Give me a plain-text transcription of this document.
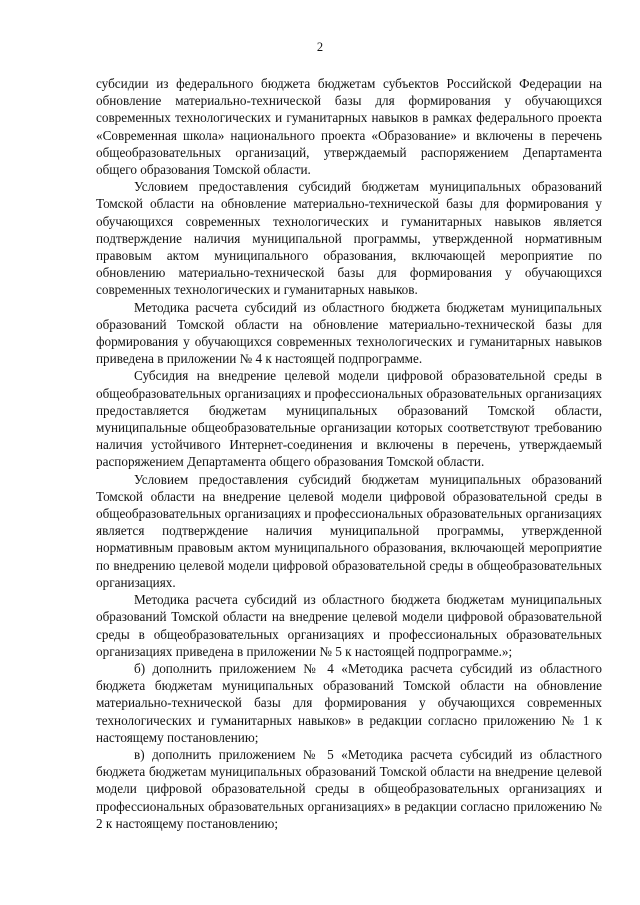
2

субсидии из федерального бюджета бюджетам субъектов Российской Федерации на обновление материально-технической базы для формирования у обучающихся современных технологических и гуманитарных навыков в рамках федерального проекта «Современная школа» национального проекта «Образование» и включены в перечень общеобразовательных организаций, утверждаемый распоряжением Департамента общего образования Томской области.

Условием предоставления субсидий бюджетам муниципальных образований Томской области на обновление материально-технической базы для формирования у обучающихся современных технологических и гуманитарных навыков является подтверждение наличия муниципальной программы, утвержденной нормативным правовым актом муниципального образования, включающей мероприятие по обновлению материально-технической базы для формирования у обучающихся современных технологических и гуманитарных навыков.

Методика расчета субсидий из областного бюджета бюджетам муниципальных образований Томской области на обновление материально-технической базы для формирования у обучающихся современных технологических и гуманитарных навыков приведена в приложении № 4 к настоящей подпрограмме.

Субсидия на внедрение целевой модели цифровой образовательной среды в общеобразовательных организациях и профессиональных образовательных организациях предоставляется бюджетам муниципальных образований Томской области, муниципальные общеобразовательные организации которых соответствуют требованию наличия устойчивого Интернет-соединения и включены в перечень, утверждаемый распоряжением Департамента общего образования Томской области.

Условием предоставления субсидий бюджетам муниципальных образований Томской области на внедрение целевой модели цифровой образовательной среды в общеобразовательных организациях и профессиональных образовательных организациях является подтверждение наличия муниципальной программы, утвержденной нормативным правовым актом муниципального образования, включающей мероприятие по внедрению целевой модели цифровой образовательной среды в общеобразовательных организациях.

Методика расчета субсидий из областного бюджета бюджетам муниципальных образований Томской области на внедрение целевой модели цифровой образовательной среды в общеобразовательных организациях и профессиональных образовательных организациях приведена в приложении № 5 к настоящей подпрограмме.»;

б) дополнить приложением № 4 «Методика расчета субсидий из областного бюджета бюджетам муниципальных образований Томской области на обновление материально-технической базы для формирования у обучающихся современных технологических и гуманитарных навыков» в редакции согласно приложению № 1 к настоящему постановлению;

в) дополнить приложением № 5 «Методика расчета субсидий из областного бюджета бюджетам муниципальных образований Томской области на внедрение целевой модели цифровой образовательной среды в общеобразовательных организациях и профессиональных образовательных организациях» в редакции согласно приложению № 2 к настоящему постановлению;
